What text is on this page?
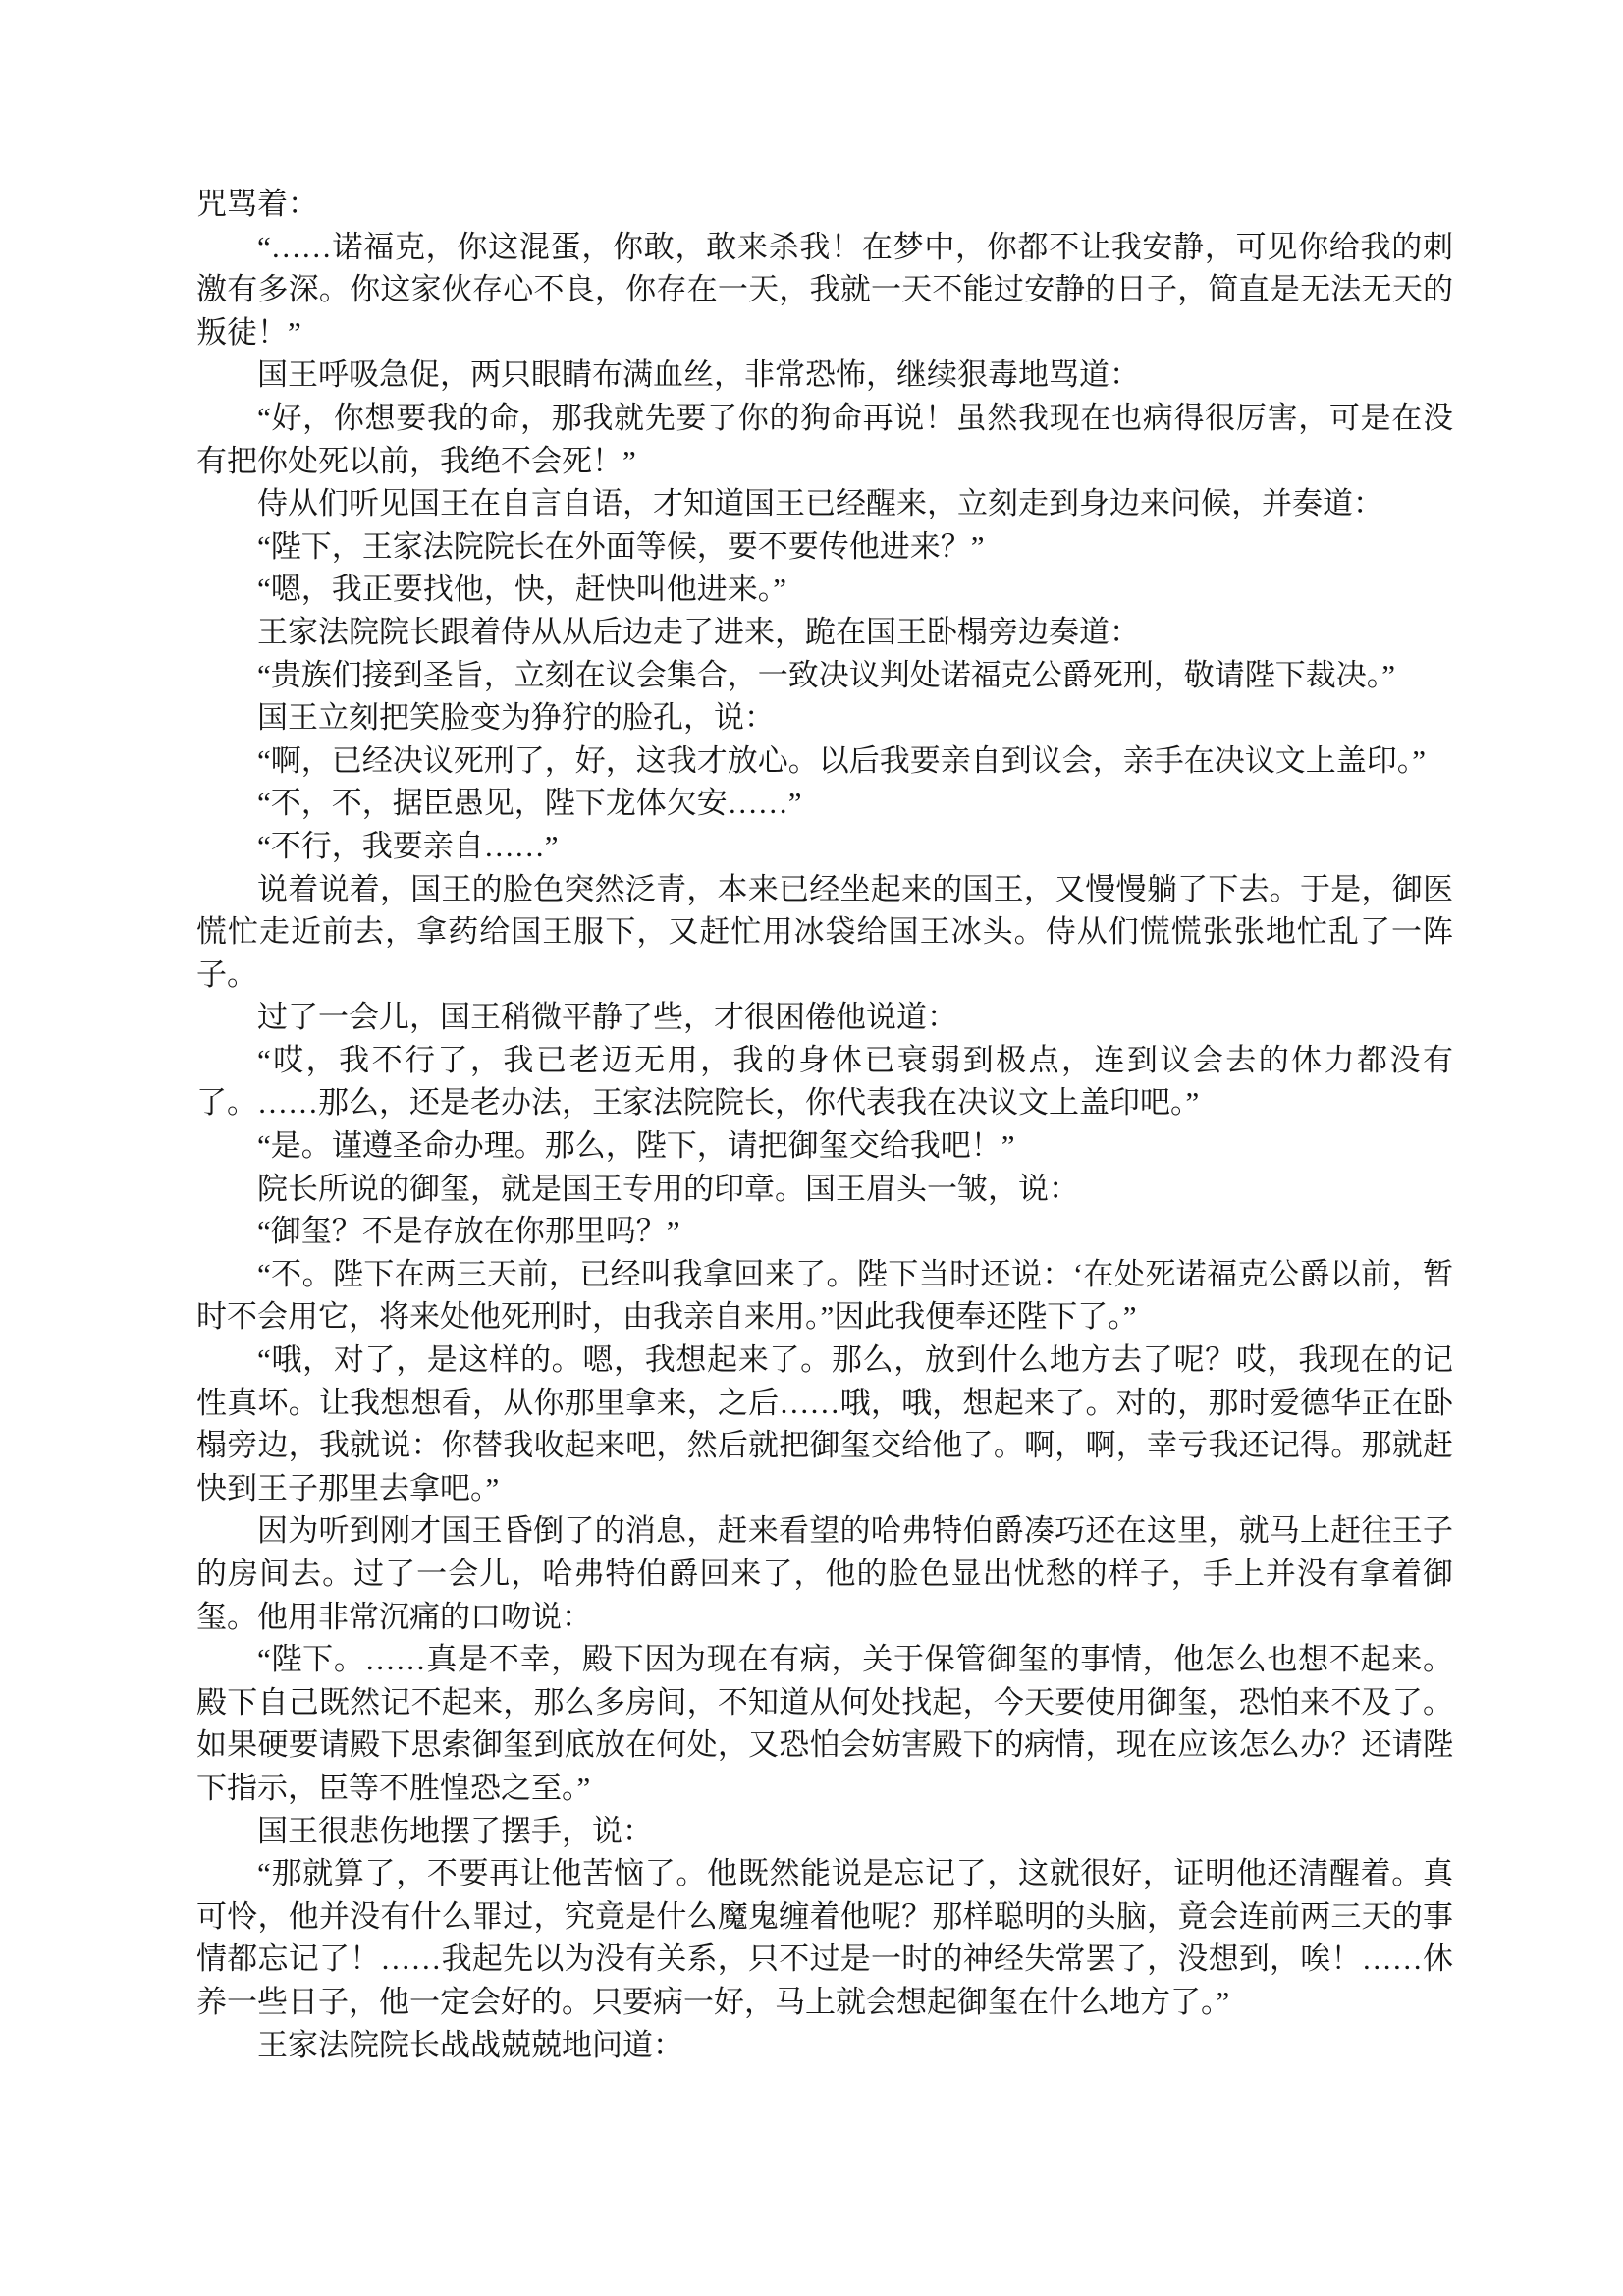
咒骂着：

“……诺福克，你这混蛋，你敢，敢来杀我！在梦中，你都不让我安静，可见你给我的刺激有多深。你这家伙存心不良，你存在一天，我就一天不能过安静的日子，简直是无法无天的叛徒！”

国王呼吸急促，两只眼睛布满血丝，非常恐怖，继续狠毒地骂道：

“好，你想要我的命，那我就先要了你的狗命再说！虽然我现在也病得很厉害，可是在没有把你处死以前，我绝不会死！”

侍从们听见国王在自言自语，才知道国王已经醒来，立刻走到身边来问候，并奏道：

“陛下，王家法院院长在外面等候，要不要传他进来？”

“嗯，我正要找他，快，赶快叫他进来。”

王家法院院长跟着侍从从后边走了进来，跪在国王卧榻旁边奏道：

“贵族们接到圣旨，立刻在议会集合，一致决议判处诺福克公爵死刑，敬请陛下裁决。”

国王立刻把笑脸变为狰狞的脸孔，说：

“啊，已经决议死刑了，好，这我才放心。以后我要亲自到议会，亲手在决议文上盖印。”

“不，不，据臣愚见，陛下龙体欠安……”

“不行，我要亲自……”

说着说着，国王的脸色突然泛青，本来已经坐起来的国王，又慢慢躺了下去。于是，御医慌忙走近前去，拿药给国王服下，又赶忙用冰袋给国王冰头。侍从们慌慌张张地忙乱了一阵子。

过了一会儿，国王稍微平静了些，才很困倦他说道：

“哎，我不行了，我已老迈无用，我的身体已衰弱到极点，连到议会去的体力都没有了。……那么，还是老办法，王家法院院长，你代表我在决议文上盖印吧。”

“是。谨遵圣命办理。那么，陛下，请把御玺交给我吧！”

院长所说的御玺，就是国王专用的印章。国王眉头一皱，说：

“御玺？不是存放在你那里吗？”

“不。陛下在两三天前，已经叫我拿回来了。陛下当时还说：‘在处死诺福克公爵以前，暂时不会用它，将来处他死刑时，由我亲自来用。”因此我便奉还陛下了。”

“哦，对了，是这样的。嗯，我想起来了。那么，放到什么地方去了呢？哎，我现在的记性真坏。让我想想看，从你那里拿来，之后……哦，哦，想起来了。对的，那时爱德华正在卧榻旁边，我就说：你替我收起来吧，然后就把御玺交给他了。啊，啊，幸亏我还记得。那就赶快到王子那里去拿吧。”

因为听到刚才国王昏倒了的消息，赶来看望的哈弗特伯爵凑巧还在这里，就马上赶往王子的房间去。过了一会儿，哈弗特伯爵回来了，他的脸色显出忧愁的样子，手上并没有拿着御玺。他用非常沉痛的口吻说：

“陛下。……真是不幸，殿下因为现在有病，关于保管御玺的事情，他怎么也想不起来。殿下自己既然记不起来，那么多房间，不知道从何处找起，今天要使用御玺，恐怕来不及了。如果硬要请殿下思索御玺到底放在何处，又恐怕会妨害殿下的病情，现在应该怎么办？还请陛下指示，臣等不胜惶恐之至。”

国王很悲伤地摆了摆手，说：

“那就算了，不要再让他苦恼了。他既然能说是忘记了，这就很好，证明他还清醒着。真可怜，他并没有什么罪过，究竟是什么魔鬼缠着他呢？那样聪明的头脑，竟会连前两三天的事情都忘记了！……我起先以为没有关系，只不过是一时的神经失常罢了，没想到，唉！……休养一些日子，他一定会好的。只要病一好，马上就会想起御玺在什么地方了。”

王家法院院长战战兢兢地问道：
